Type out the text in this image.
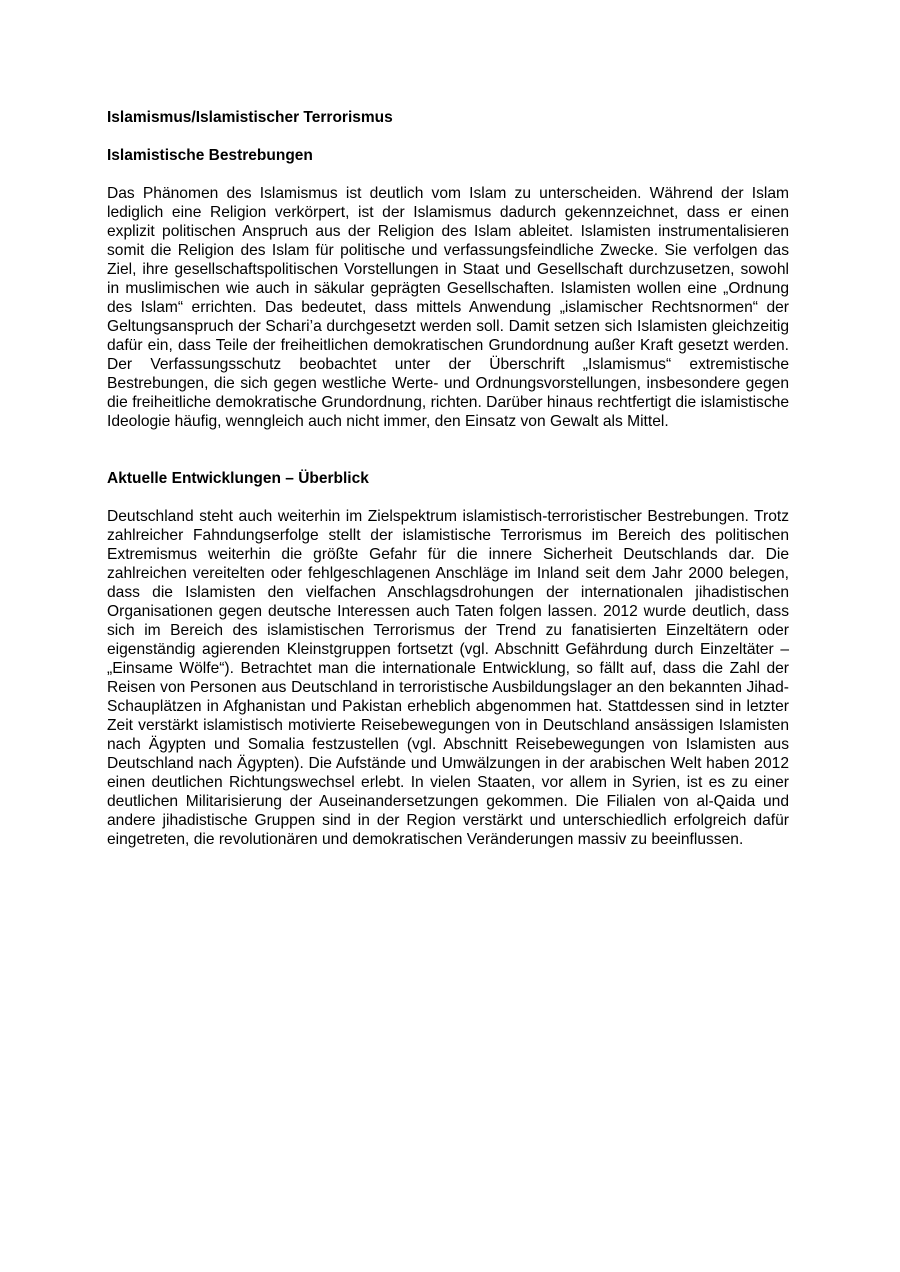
Islamismus/Islamistischer Terrorismus

Islamistische Bestrebungen

Das Phänomen des Islamismus ist deutlich vom Islam zu unterscheiden. Während der Islam lediglich eine Religion verkörpert, ist der Islamismus dadurch gekennzeichnet, dass er einen explizit politischen Anspruch aus der Religion des Islam ableitet. Islamisten instrumentalisieren somit die Religion des Islam für politische und verfassungsfeindliche Zwecke. Sie verfolgen das Ziel, ihre gesellschaftspolitischen Vorstellungen in Staat und Gesellschaft durchzusetzen, sowohl in muslimischen wie auch in säkular geprägten Gesellschaften. Islamisten wollen eine „Ordnung des Islam“ errichten. Das bedeutet, dass mittels Anwendung „islamischer Rechtsnormen“ der Geltungsanspruch der Schari’a durchgesetzt werden soll. Damit setzen sich Islamisten gleichzeitig dafür ein, dass Teile der freiheitlichen demokratischen Grundordnung außer Kraft gesetzt werden. Der Verfassungsschutz beobachtet unter der Überschrift „Islamismus“ extremistische Bestrebungen, die sich gegen westliche Werte- und Ordnungsvorstellungen, insbesondere gegen die freiheitliche demokratische Grundordnung, richten. Darüber hinaus rechtfertigt die islamistische Ideologie häufig, wenngleich auch nicht immer, den Einsatz von Gewalt als Mittel.

Aktuelle Entwicklungen – Überblick

Deutschland steht auch weiterhin im Zielspektrum islamistisch-terroristischer Bestrebungen. Trotz zahlreicher Fahndungserfolge stellt der islamistische Terrorismus im Bereich des politischen Extremismus weiterhin die größte Gefahr für die innere Sicherheit Deutschlands dar. Die zahlreichen vereitelten oder fehlgeschlagenen Anschläge im Inland seit dem Jahr 2000 belegen, dass die Islamisten den vielfachen Anschlagsdrohungen der internationalen jihadistischen Organisationen gegen deutsche Interessen auch Taten folgen lassen. 2012 wurde deutlich, dass sich im Bereich des islamistischen Terrorismus der Trend zu fanatisierten Einzeltätern oder eigenständig agierenden Kleinstgruppen fortsetzt (vgl. Abschnitt Gefährdung durch Einzeltäter – „Einsame Wölfe“). Betrachtet man die internationale Entwicklung, so fällt auf, dass die Zahl der Reisen von Personen aus Deutschland in terroristische Ausbildungslager an den bekannten Jihad-Schauplätzen in Afghanistan und Pakistan erheblich abgenommen hat. Stattdessen sind in letzter Zeit verstärkt islamistisch motivierte Reisebewegungen von in Deutschland ansässigen Islamisten nach Ägypten und Somalia festzustellen (vgl. Abschnitt Reisebewegungen von Islamisten aus Deutschland nach Ägypten). Die Aufstände und Umwälzungen in der arabischen Welt haben 2012 einen deutlichen Richtungswechsel erlebt. In vielen Staaten, vor allem in Syrien, ist es zu einer deutlichen Militarisierung der Auseinandersetzungen gekommen. Die Filialen von al-Qaida und andere jihadistische Gruppen sind in der Region verstärkt und unterschiedlich erfolgreich dafür eingetreten, die revolutionären und demokratischen Veränderungen massiv zu beeinflussen.
